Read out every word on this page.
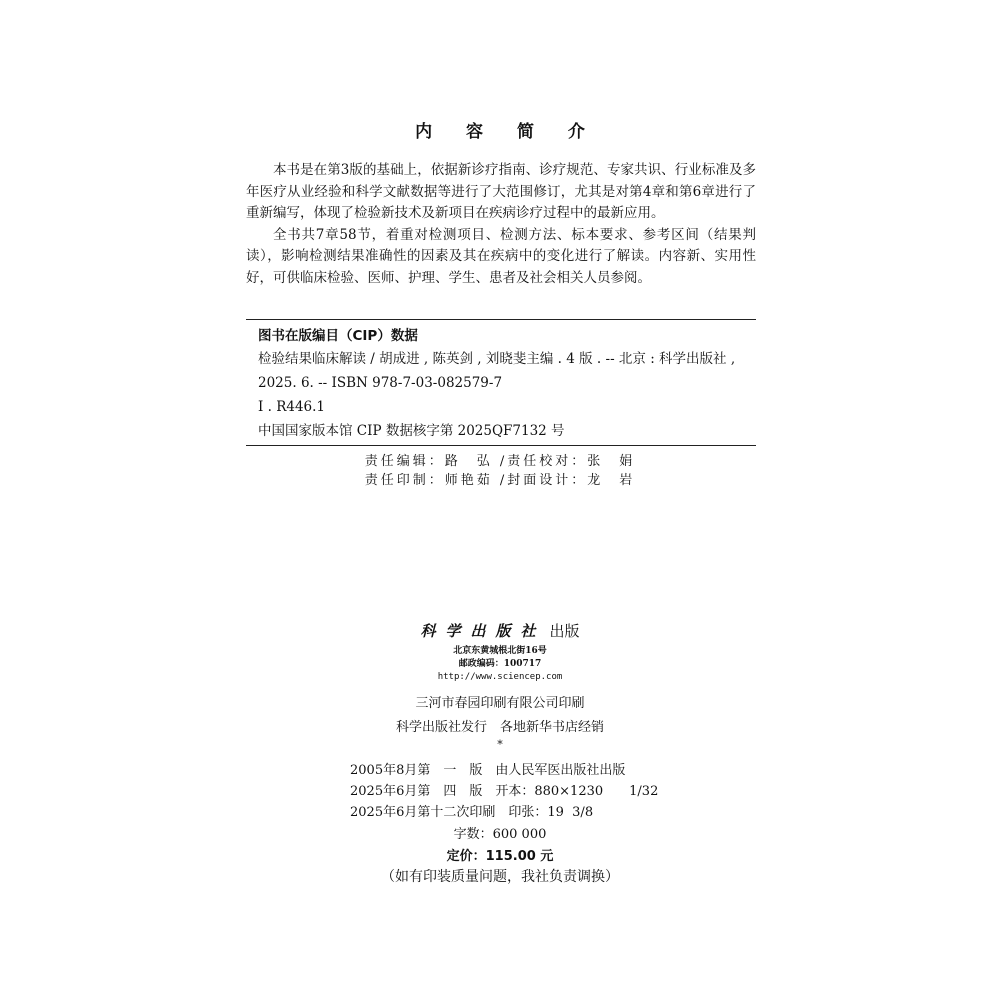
内 容 简 介

本书是在第3版的基础上，依据新诊疗指南、诊疗规范、专家共识、行业标准及多年医疗从业经验和科学文献数据等进行了大范围修订，尤其是对第4章和第6章进行了重新编写，体现了检验新技术及新项目在疾病诊疗过程中的最新应用。

全书共7章58节，着重对检测项目、检测方法、标本要求、参考区间（结果判读），影响检测结果准确性的因素及其在疾病中的变化进行了解读。内容新、实用性好，可供临床检验、医师、护理、学生、患者及社会相关人员参阅。

图书在版编目（CIP）数据
检验结果临床解读 / 胡成进 , 陈英剑 , 刘晓斐主编 . 4 版 . -- 北京 : 科学出版社 , 2025. 6. -- ISBN 978-7-03-082579-7
Ⅰ . R446.1
中国国家版本馆 CIP 数据核字第 2025QF7132 号
责任编辑：路　弘 /责任校对：张　娟
责任印制：师艳茹 /封面设计：龙　岩
科学出版社 出版
北京东黄城根北街16号
邮政编码：100717
http://www.sciencep.com
三河市春园印刷有限公司印刷
科学出版社发行　各地新华书店经销
*
2005年8月第　一　版　由人民军医出版社出版
2025年6月第　四　版　开本：880×1230　　1/32
2025年6月第十二次印刷　印张：19  3/8
字数：600 000
定价：115.00 元
（如有印装质量问题，我社负责调换）
